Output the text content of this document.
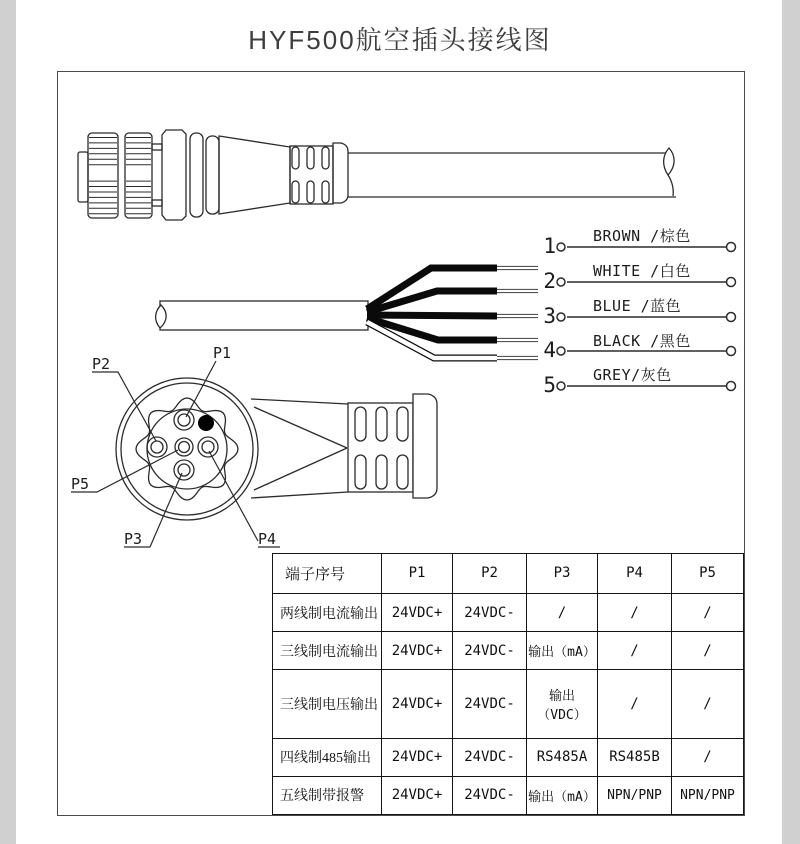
HYF500航空插头接线图
1
2
3
4
5
BROWN /棕色
WHITE /白色
BLUE /蓝色
BLACK /黑色
GREY/灰色
P1
P2
P5
P3	P4
端子序号	P1	P2	P3	P4	P5
两线制电流输出	24VDC+	24VDC-	/	/	/
三线制电流输出	24VDC+	24VDC-	输出（mA）	/	/
三线制电压输出	24VDC+	24VDC-	输出（VDC）	/	/
四线制485输出	24VDC+	24VDC-	RS485A	RS485B	/
五线制带报警	24VDC+	24VDC-	输出（mA）	NPN/PNP	NPN/PNP
